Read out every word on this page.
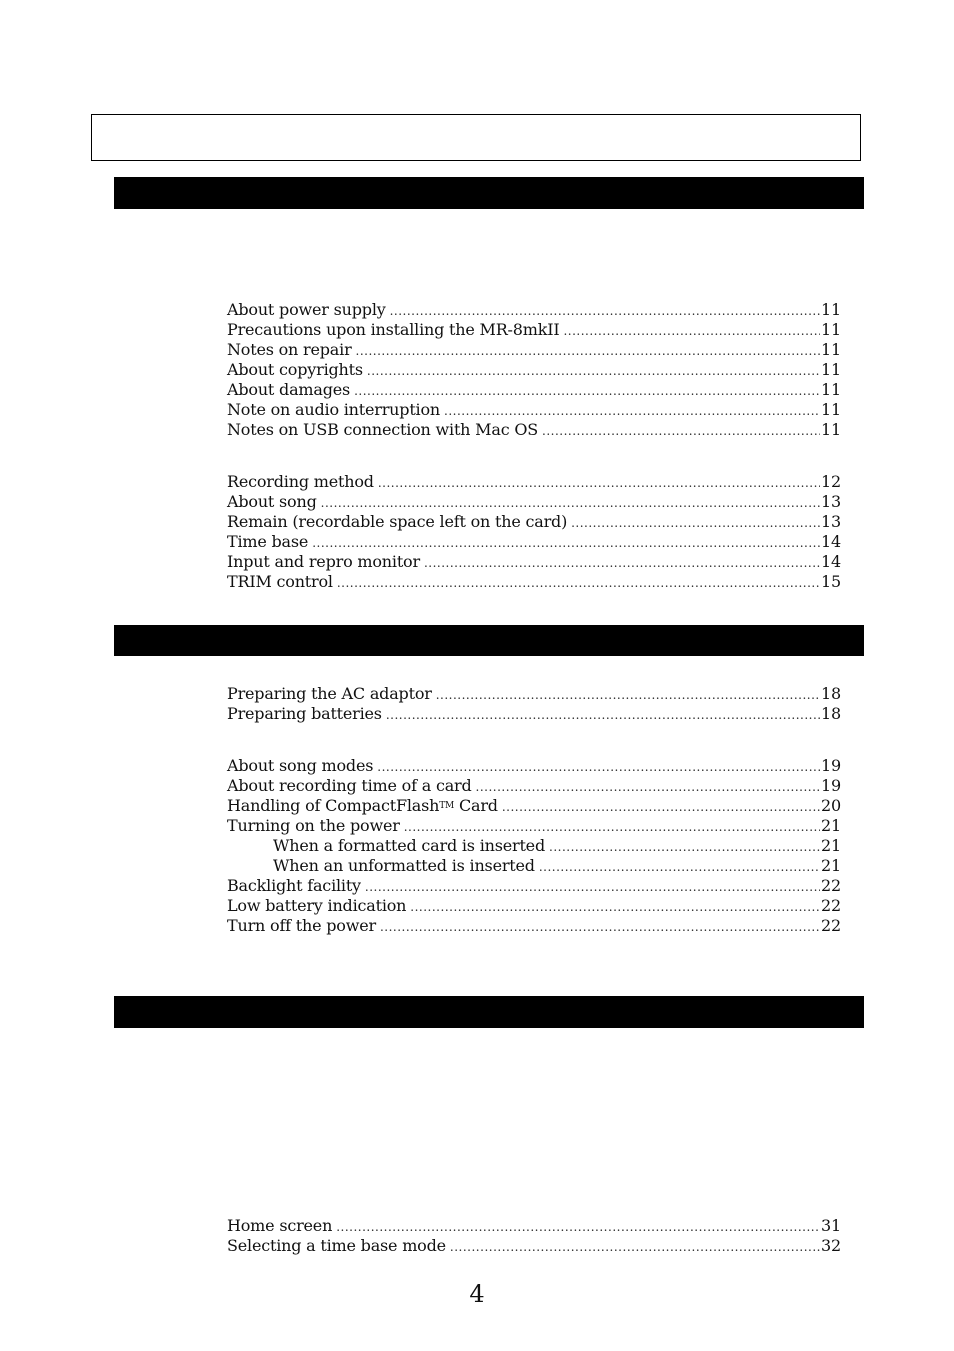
About power supply .....	11
Precautions upon installing the MR-8mkII .....	11
Notes on repair .....	11
About copyrights .....	11
About damages .....	11
Note on audio interruption .....	11
Notes on USB connection with Mac OS .....	11
Recording method .....	12
About song .....	13
Remain (recordable space left on the card) .....	13
Time base .....	14
Input and repro monitor .....	14
TRIM control .....	15
Preparing the AC adaptor .....	18
Preparing batteries .....	18
About song modes .....	19
About recording time of a card .....	19
Handling of CompactFlash™ Card .....	20
Turning on the power .....	21
When a formatted card is inserted .....	21
When an unformatted is inserted .....	21
Backlight facility .....	22
Low battery indication .....	22
Turn off the power .....	22
Home screen .....	31
Selecting a time base mode .....	32
4
